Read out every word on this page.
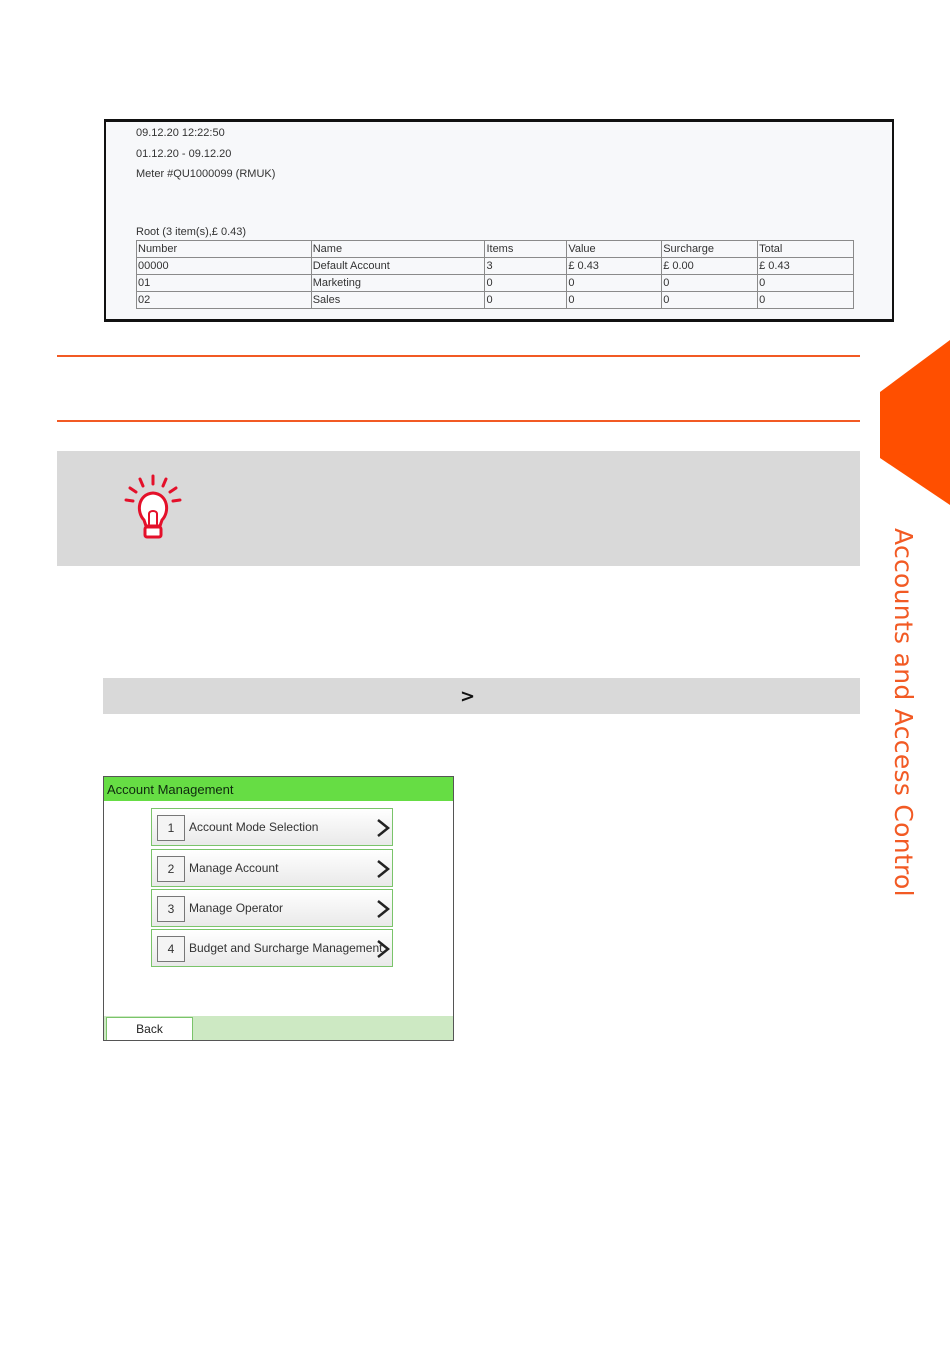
09.12.20 12:22:50
01.12.20 - 09.12.20
Meter #QU1000099 (RMUK)
Root (3 item(s),£ 0.43)
Number	Name	Items	Value	Surcharge	Total
00000	Default Account	3	£ 0.43	£ 0.00	£ 0.43
01	Marketing	0	0	0	0
02	Sales	0	0	0	0
Accounts and Access Control
>
Account Management
1	Account Mode Selection
2	Manage Account
3	Manage Operator
4	Budget and Surcharge Management
Back
